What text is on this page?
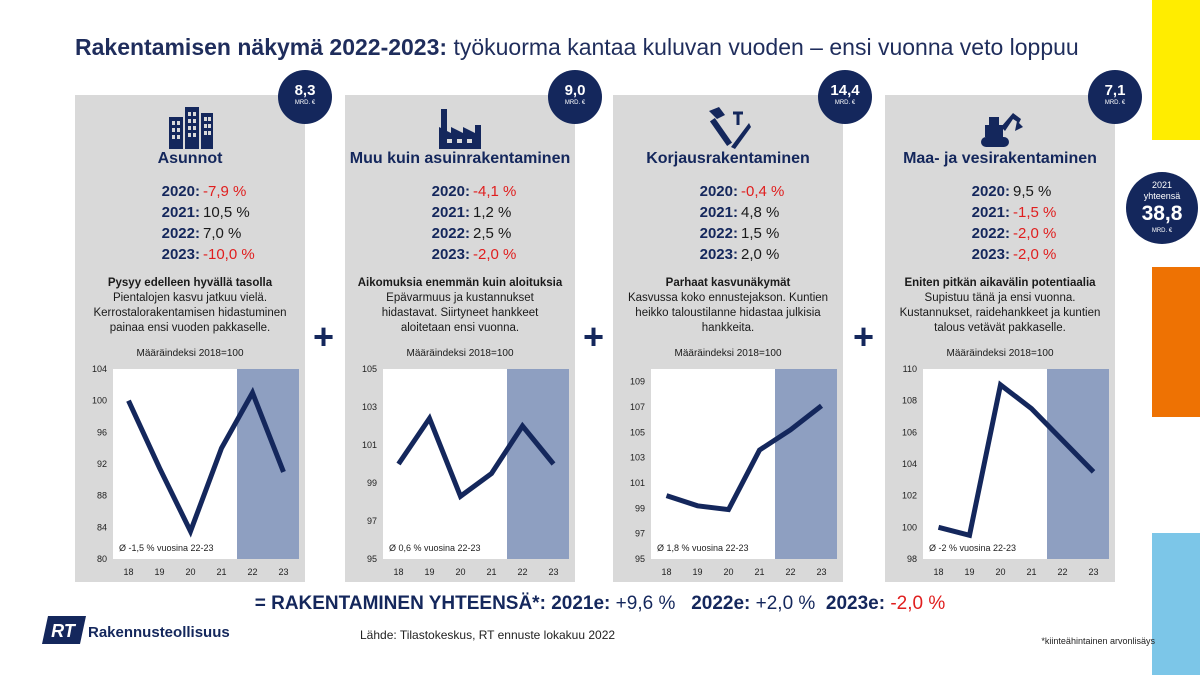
Rakentamisen näkymä 2022-2023: työkuorma kantaa kuluvan vuoden – ensi vuonna veto loppuu
Asunnot
2020: -7,9 %
2021: 10,5 %
2022: 7,0 %
2023: -10,0 %
Pysyy edelleen hyvällä tasolla
Pientalojen kasvu jatkuu vielä.
Kerrostalorakentamisen hidastuminen
painaa ensi vuoden pakkaselle.
Määräindeksi 2018=100
80
84
88
92
96
100
104
18 19 20 21 22 23
Ø -1,5 % vuosina 22-23
Muu kuin asuinrakentaminen
2020: -4,1 %
2021: 1,2 %
2022: 2,5 %
2023: -2,0 %
Aikomuksia enemmän kuin aloituksia
Epävarmuus ja kustannukset
hidastavat. Siirtyneet hankkeet
aloitetaan ensi vuonna.
Määräindeksi 2018=100
95
97
99
101
103
105
18 19 20 21 22 23
Ø 0,6 % vuosina 22-23
Korjausrakentaminen
2020: -0,4 %
2021: 4,8 %
2022: 1,5 %
2023: 2,0 %
Parhaat kasvunäkymät
Kasvussa koko ennustejakson. Kuntien
heikko taloustilanne hidastaa julkisia
hankkeita.
Määräindeksi 2018=100
95
97
99
101
103
105
107
109
18 19 20 21 22 23
Ø 1,8 % vuosina 22-23
Maa- ja vesirakentaminen
2020: 9,5 %
2021: -1,5 %
2022: -2,0 %
2023: -2,0 %
Eniten pitkän aikavälin potentiaalia
Supistuu tänä ja ensi vuonna.
Kustannukset, raidehankkeet ja kuntien
talous vetävät pakkaselle.
Määräindeksi 2018=100
98
100
102
104
106
108
110
18 19 20 21 22 23
Ø -2 % vuosina 22-23
8,3
MRD. €
9,0
MRD. €
14,4
MRD. €
7,1
MRD. €
+	+	+
2021
yhteensä
38,8
MRD. €
= RAKENTAMINEN YHTEENSÄ*: 2021e: +9,6 % 2022e: +2,0 % 2023e: -2,0 %
RT Rakennusteollisuus	Lähde: Tilastokeskus, RT ennuste lokakuu 2022	*kiinteähintainen arvonlisäys
